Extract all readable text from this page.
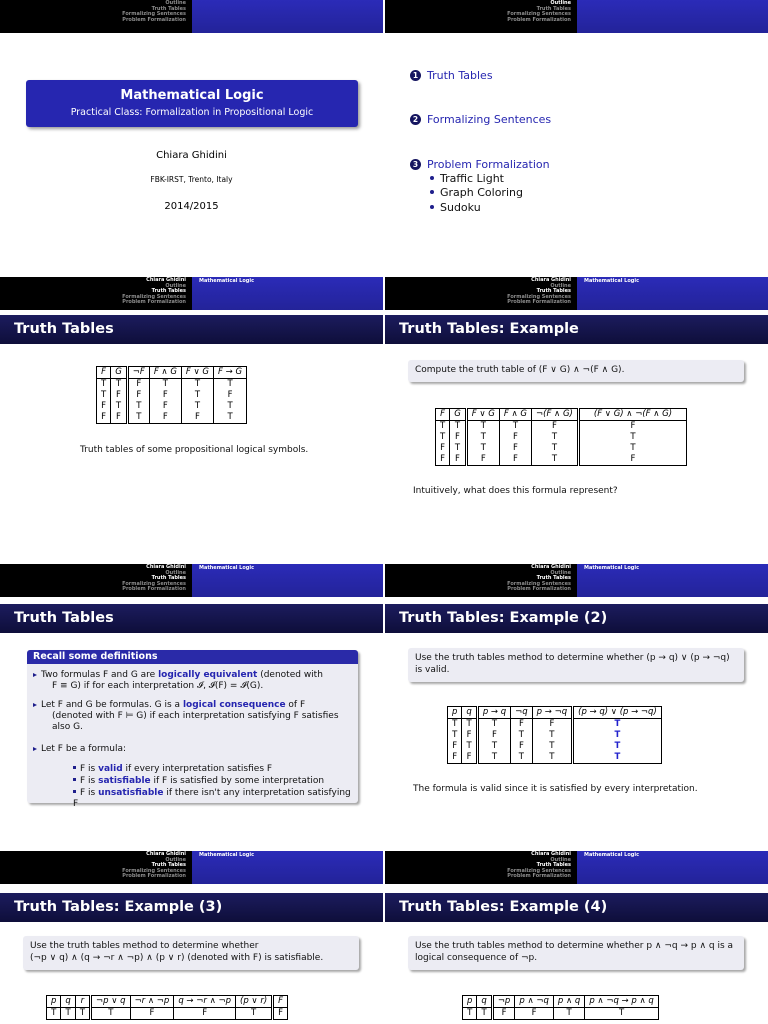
Outline
Truth Tables
Formalizing Sentences
Problem Formalization
Mathematical Logic
Practical Class: Formalization in Propositional Logic
Chiara Ghidini
FBK-IRST, Trento, Italy
2014/2015
Outline
Truth Tables
Formalizing Sentences
Problem Formalization
1 Truth Tables
2 Formalizing Sentences
3 Problem Formalization
Traffic Light
Graph Coloring
Sudoku
Chiara Ghidini
Outline
Truth Tables
Formalizing Sentences
Problem Formalization
Mathematical Logic
Truth Tables
F	G	¬F	F ∧ G	F ∨ G	F → G
T	T	F	T	T	T
T	F	F	F	T	F
F	T	T	F	T	T
F	F	T	F	F	T
Truth tables of some propositional logical symbols.
Chiara Ghidini
Outline
Truth Tables
Formalizing Sentences
Problem Formalization
Mathematical Logic
Truth Tables: Example
Compute the truth table of (F ∨ G) ∧ ¬(F ∧ G).
F	G	F ∨ G	F ∧ G	¬(F ∧ G)	(F ∨ G) ∧ ¬(F ∧ G)
T	T	T	T	F	F
T	F	T	F	T	T
F	T	T	F	T	T
F	F	F	F	T	F
Intuitively, what does this formula represent?
Chiara Ghidini
Outline
Truth Tables
Formalizing Sentences
Problem Formalization
Mathematical Logic
Truth Tables
Recall some definitions
Two formulas F and G are logically equivalent (denoted with
F ≡ G) if for each interpretation 𝓘, 𝓘(F) = 𝓘(G).
Let F and G be formulas. G is a logical consequence of F
(denoted with F ⊨ G) if each interpretation satisfying F satisfies
also G.
Let F be a formula:
F is valid if every interpretation satisfies F
F is satisfiable if F is satisfied by some interpretation
F is unsatisfiable if there isn't any interpretation satisfying F
Chiara Ghidini
Outline
Truth Tables
Formalizing Sentences
Problem Formalization
Mathematical Logic
Truth Tables: Example (2)
Use the truth tables method to determine whether (p → q) ∨ (p → ¬q)
is valid.
p	q	p → q	¬q	p → ¬q	(p → q) ∨ (p → ¬q)
T	T	T	F	F	T
T	F	F	T	T	T
F	T	T	F	T	T
F	F	T	T	T	T
The formula is valid since it is satisfied by every interpretation.
Chiara Ghidini
Outline
Truth Tables
Formalizing Sentences
Problem Formalization
Mathematical Logic
Truth Tables: Example (3)
Use the truth tables method to determine whether
(¬p ∨ q) ∧ (q → ¬r ∧ ¬p) ∧ (p ∨ r) (denoted with F) is satisfiable.
p	q	r	¬p ∨ q	¬r ∧ ¬p	q → ¬r ∧ ¬p	(p ∨ r)	F
T	T	T	T	F	F	T	F
Chiara Ghidini
Outline
Truth Tables
Formalizing Sentences
Problem Formalization
Mathematical Logic
Truth Tables: Example (4)
Use the truth tables method to determine whether p ∧ ¬q → p ∧ q is a
logical consequence of ¬p.
p	q	¬p	p ∧ ¬q	p ∧ q	p ∧ ¬q → p ∧ q
T	T	F	F	T	T
